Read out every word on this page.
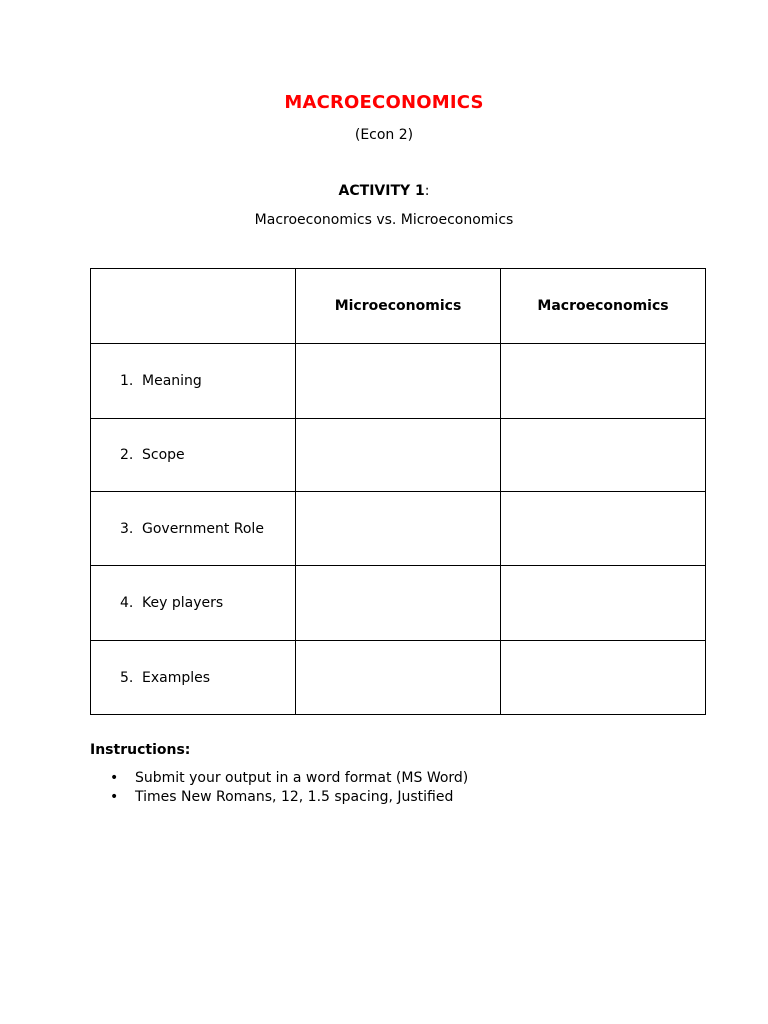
MACROECONOMICS
(Econ 2)
ACTIVITY 1:
Macroeconomics vs. Microeconomics
	Microeconomics	Macroeconomics
1. Meaning		
2. Scope		
3. Government Role		
4. Key players		
5. Examples		
Instructions:
• Submit your output in a word format (MS Word)
• Times New Romans, 12, 1.5 spacing, Justified
